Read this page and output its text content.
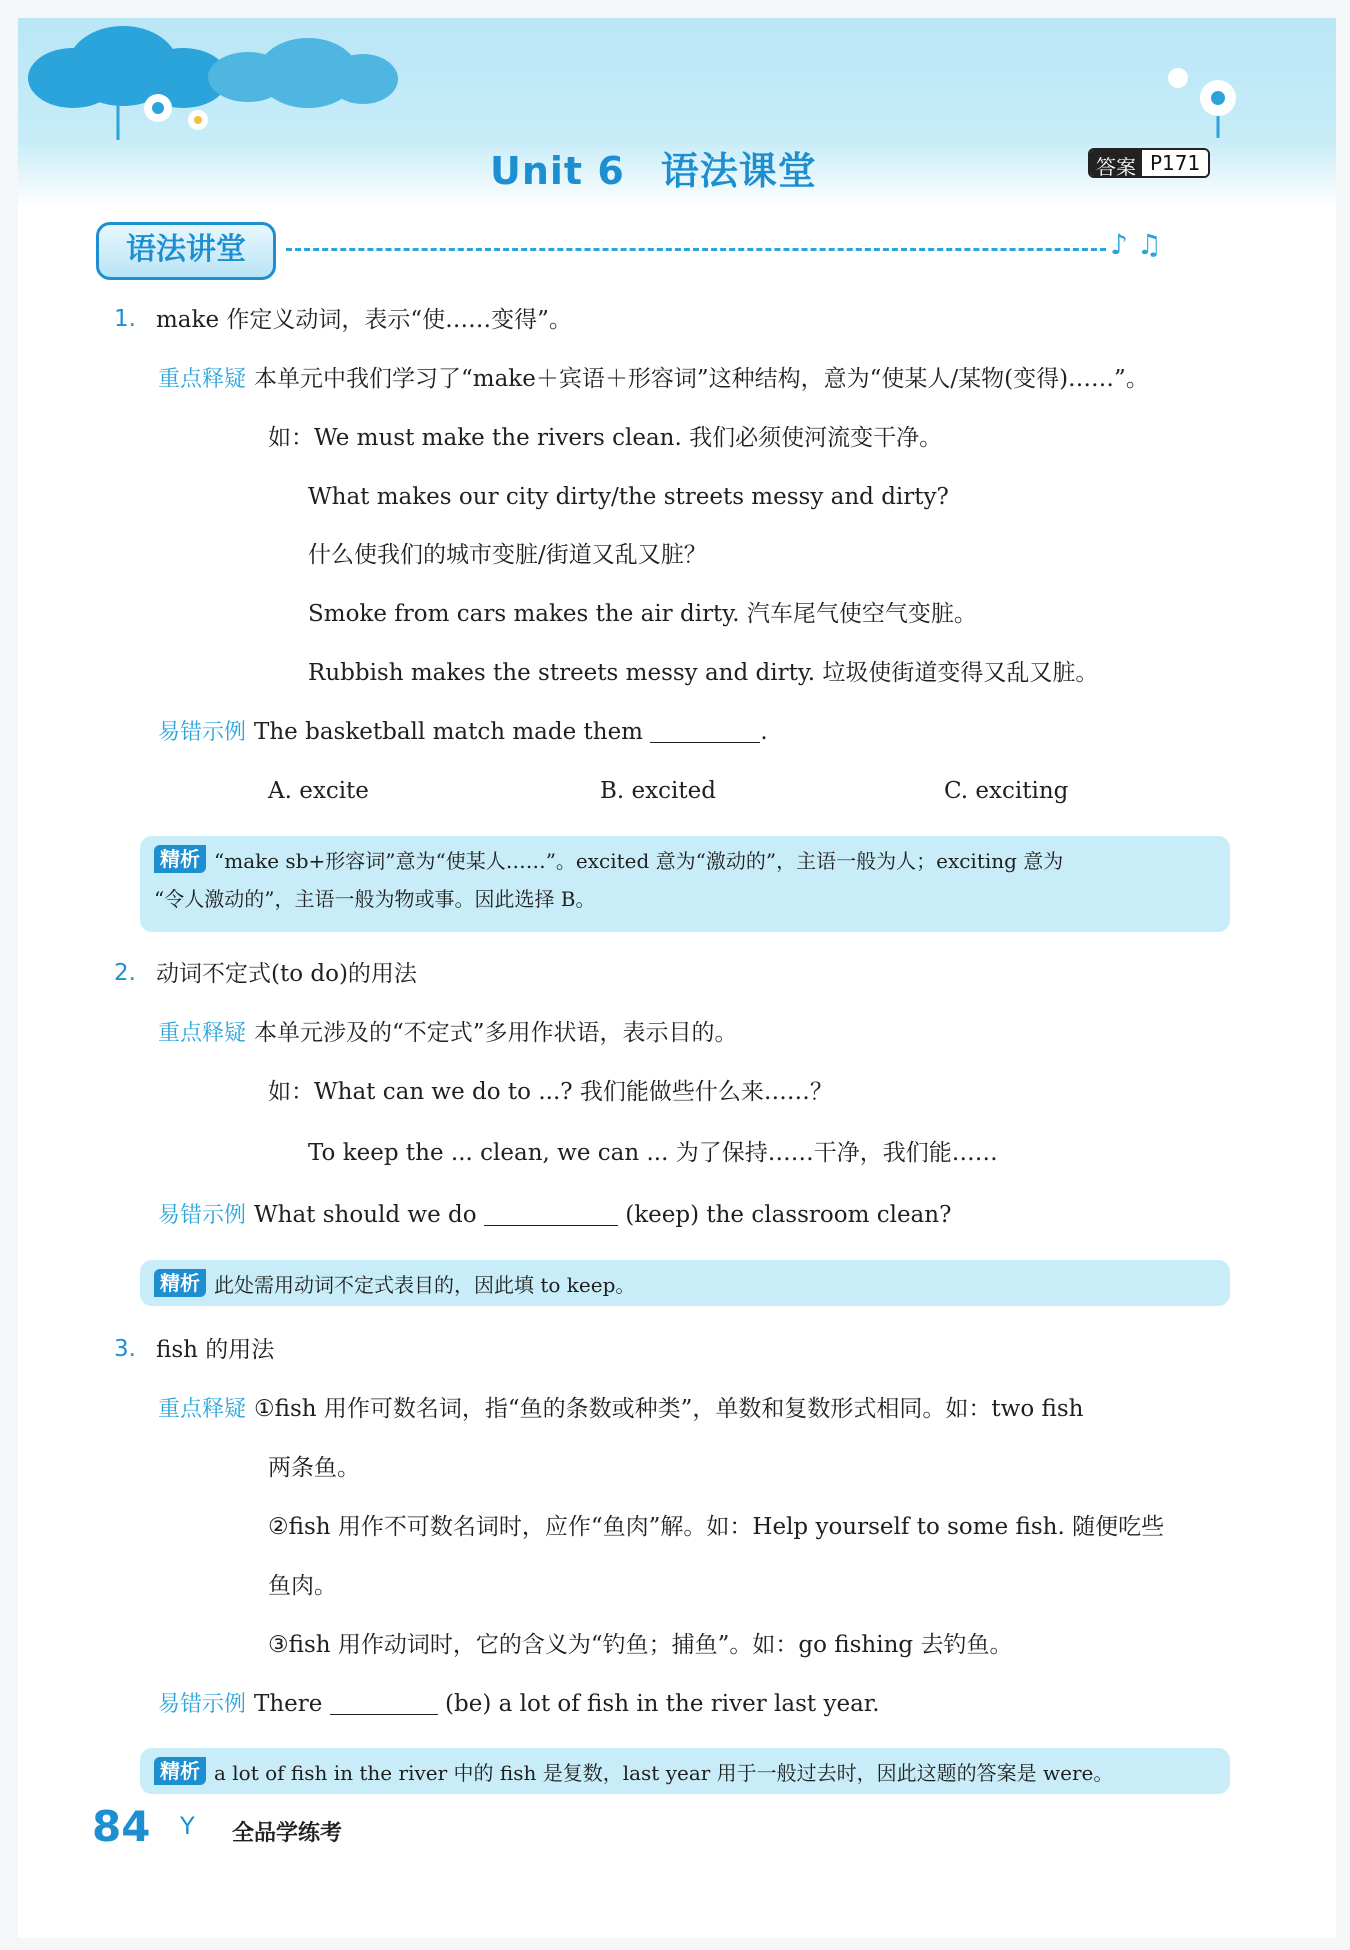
Unit 6 语法课堂	答案 P171
语法讲堂	♪ ♫
1. make 作定义动词，表示“使……变得”。
重点释疑 本单元中我们学习了“make＋宾语＋形容词”这种结构，意为“使某人/某物(变得)……”。
如：We must make the rivers clean. 我们必须使河流变干净。
What makes our city dirty/the streets messy and dirty?
什么使我们的城市变脏/街道又乱又脏？
Smoke from cars makes the air dirty. 汽车尾气使空气变脏。
Rubbish makes the streets messy and dirty. 垃圾使街道变得又乱又脏。
易错示例 The basketball match made them	.
A. excite	B. excited	C. exciting
精析 “make sb+形容词”意为“使某人……”。excited 意为“激动的”，主语一般为人；exciting 意为
“令人激动的”，主语一般为物或事。因此选择 B。
2. 动词不定式(to do)的用法
重点释疑 本单元涉及的“不定式”多用作状语，表示目的。
如：What can we do to ...? 我们能做些什么来……？
To keep the ... clean, we can ... 为了保持……干净，我们能……
易错示例 What should we do	(keep) the classroom clean?
精析 此处需用动词不定式表目的，因此填 to keep。
3. fish 的用法
重点释疑 ①fish 用作可数名词，指“鱼的条数或种类”，单数和复数形式相同。如：two fish
两条鱼。
②fish 用作不可数名词时，应作“鱼肉”解。如：Help yourself to some fish. 随便吃些
鱼肉。
③fish 用作动词时，它的含义为“钓鱼；捕鱼”。如：go fishing 去钓鱼。
易错示例 There	(be) a lot of fish in the river last year.
精析 a lot of fish in the river 中的 fish 是复数，last year 用于一般过去时，因此这题的答案是 were。
84 Y 全品学练考
